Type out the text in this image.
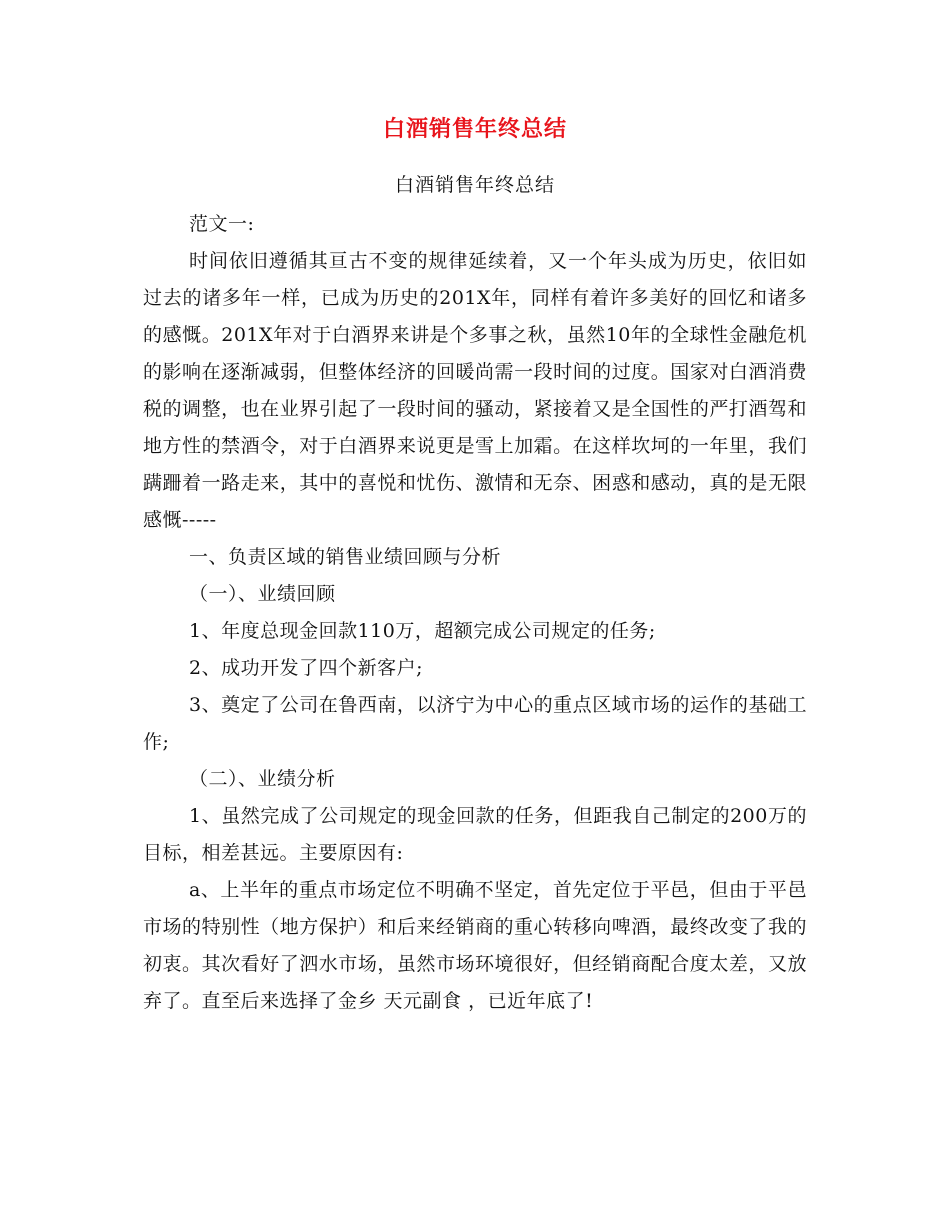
白酒销售年终总结
白酒销售年终总结

范文一:

时间依旧遵循其亘古不变的规律延续着，又一个年头成为历史，依旧如过去的诸多年一样，已成为历史的201X年，同样有着许多美好的回忆和诸多的感慨。201X年对于白酒界来讲是个多事之秋，虽然10年的全球性金融危机的影响在逐渐减弱，但整体经济的回暖尚需一段时间的过度。国家对白酒消费税的调整，也在业界引起了一段时间的骚动，紧接着又是全国性的严打酒驾和地方性的禁酒令，对于白酒界来说更是雪上加霜。在这样坎坷的一年里，我们蹒跚着一路走来，其中的喜悦和忧伤、激情和无奈、困惑和感动，真的是无限感慨-----

一、负责区域的销售业绩回顾与分析

（一）、业绩回顾

1、年度总现金回款110万，超额完成公司规定的任务;

2、成功开发了四个新客户;

3、奠定了公司在鲁西南，以济宁为中心的重点区域市场的运作的基础工作;

（二）、业绩分析

1、虽然完成了公司规定的现金回款的任务，但距我自己制定的200万的目标，相差甚远。主要原因有:

a、上半年的重点市场定位不明确不坚定，首先定位于平邑，但由于平邑市场的特别性（地方保护）和后来经销商的重心转移向啤酒，最终改变了我的初衷。其次看好了泗水市场，虽然市场环境很好，但经销商配合度太差，又放弃了。直至后来选择了金乡 天元副食 ，已近年底了!
